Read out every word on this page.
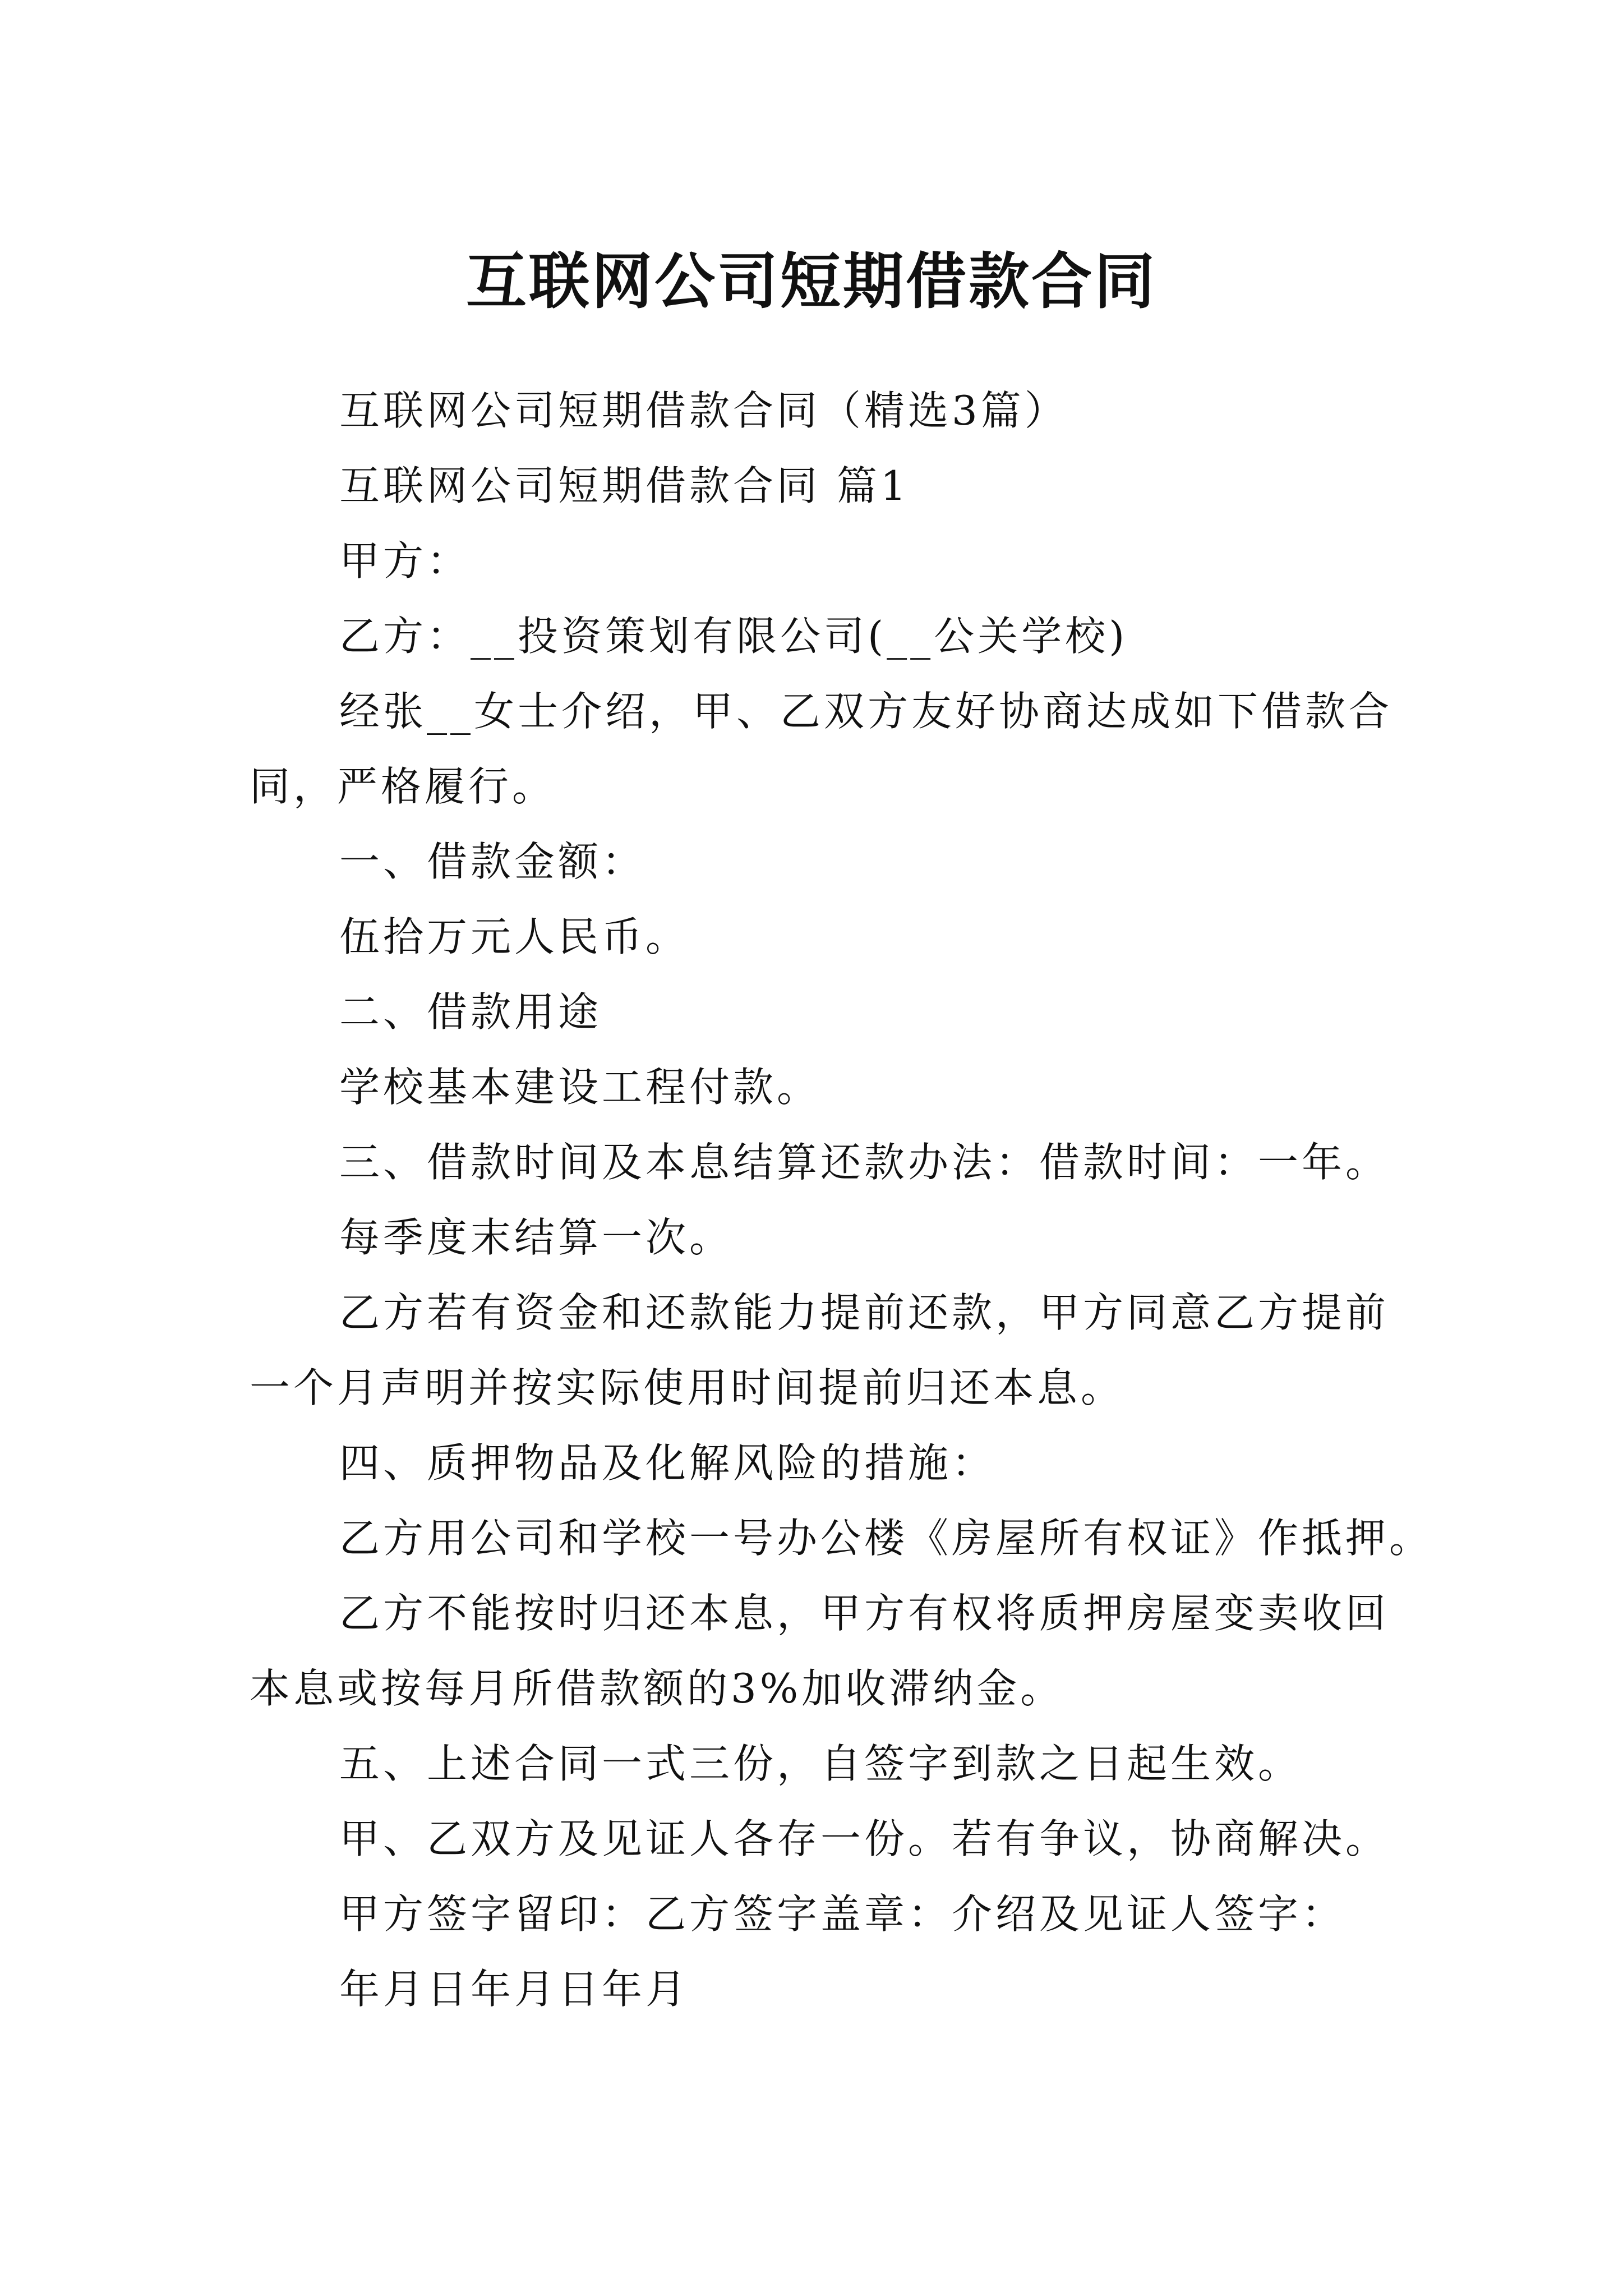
互联网公司短期借款合同

互联网公司短期借款合同（精选3篇）

互联网公司短期借款合同 篇1

甲方：

乙方：__投资策划有限公司(__公关学校)

经张__女士介绍，甲、乙双方友好协商达成如下借款合

同，严格履行。

一、借款金额：

伍拾万元人民币。

二、借款用途

学校基本建设工程付款。

三、借款时间及本息结算还款办法：借款时间：一年。

每季度末结算一次。

乙方若有资金和还款能力提前还款，甲方同意乙方提前

一个月声明并按实际使用时间提前归还本息。

四、质押物品及化解风险的措施：

乙方用公司和学校一号办公楼《房屋所有权证》作抵押。

乙方不能按时归还本息，甲方有权将质押房屋变卖收回

本息或按每月所借款额的3%加收滞纳金。

五、上述合同一式三份，自签字到款之日起生效。

甲、乙双方及见证人各存一份。若有争议，协商解决。

甲方签字留印：乙方签字盖章：介绍及见证人签字：

年月日年月日年月
